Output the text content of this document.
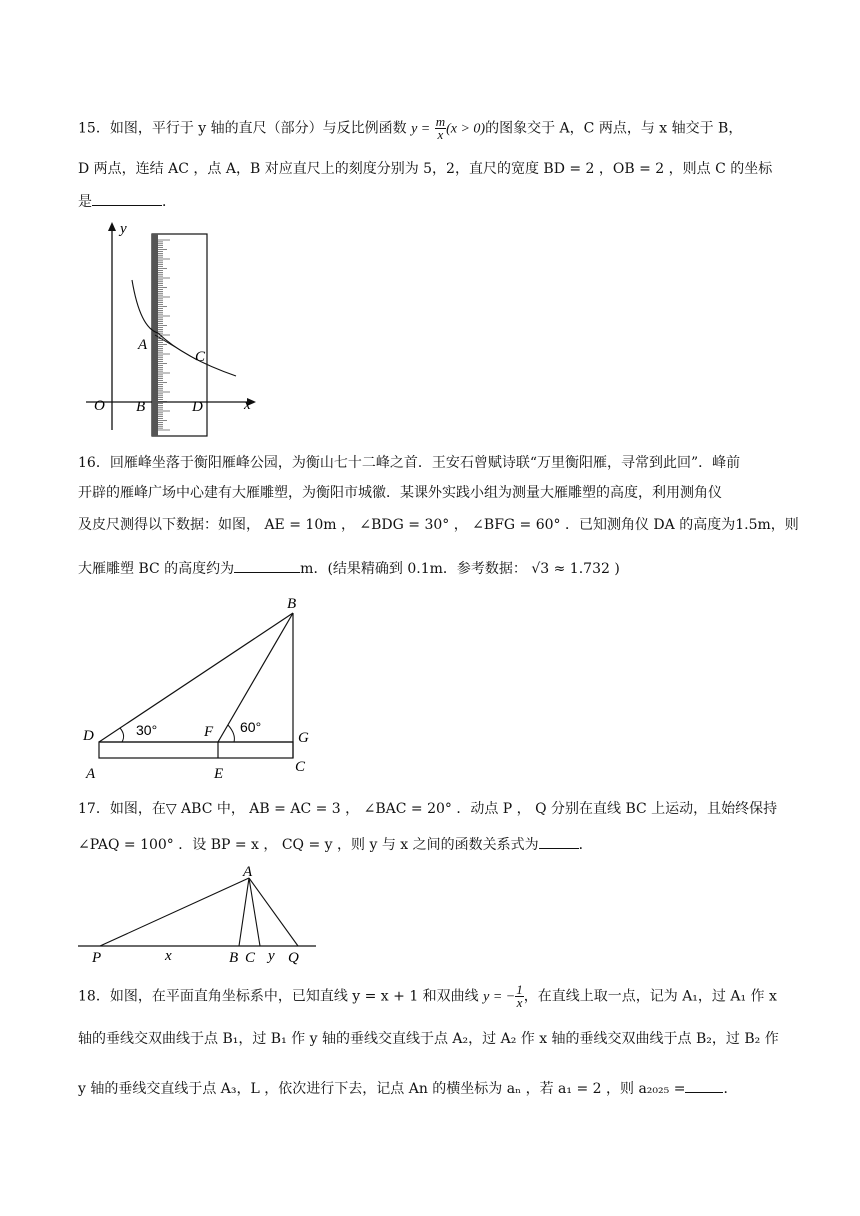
15．如图，平行于 y 轴的直尺（部分）与反比例函数 $y = \frac{m}{x} (x > 0)$的图象交于 A，C 两点，与 x 轴交于 B，
D 两点，连结 AC ，点 A，B 对应直尺上的刻度分别为 5，2，直尺的宽度 BD = 2 ，OB = 2 ，则点 C 的坐标
是	．
y
x
O
A
B
C
D
16．回雁峰坐落于衡阳雁峰公园，为衡山七十二峰之首．王安石曾赋诗联“万里衡阳雁，寻常到此回”．峰前
开辟的雁峰广场中心建有大雁雕塑，为衡阳市城徽．某课外实践小组为测量大雁雕塑的高度，利用测角仪
及皮尺测得以下数据：如图， AE = 10m ， ∠BDG = 30° ， ∠BFG = 60° ．已知测角仪 DA 的高度为1.5m，则
大雁雕塑 BC 的高度约为	m．(结果精确到 0.1m．参考数据： √3 ≈ 1.732 )
B
D	F	G
A	E	C
30°	60°
17．如图，在▽ ABC 中， AB = AC = 3 ， ∠BAC = 20° ．动点 P ， Q 分别在直线 BC 上运动，且始终保持
∠PAQ = 100° ．设 BP = x ， CQ = y ，则 y 与 x 之间的函数关系式为	．
A
P	x	B C y Q
18．如图，在平面直角坐标系中，已知直线 y = x + 1 和双曲线 y = − $\frac{1}{x}$ ，在直线上取一点，记为 A₁，过 A₁ 作 x
轴的垂线交双曲线于点 B₁，过 B₁ 作 y 轴的垂线交直线于点 A₂，过 A₂ 作 x 轴的垂线交双曲线于点 B₂，过 B₂ 作
y 轴的垂线交直线于点 A₃，L ，依次进行下去，记点 An 的横坐标为 aₙ ，若 a₁ = 2 ，则 a₂₀₂₅ =	．
